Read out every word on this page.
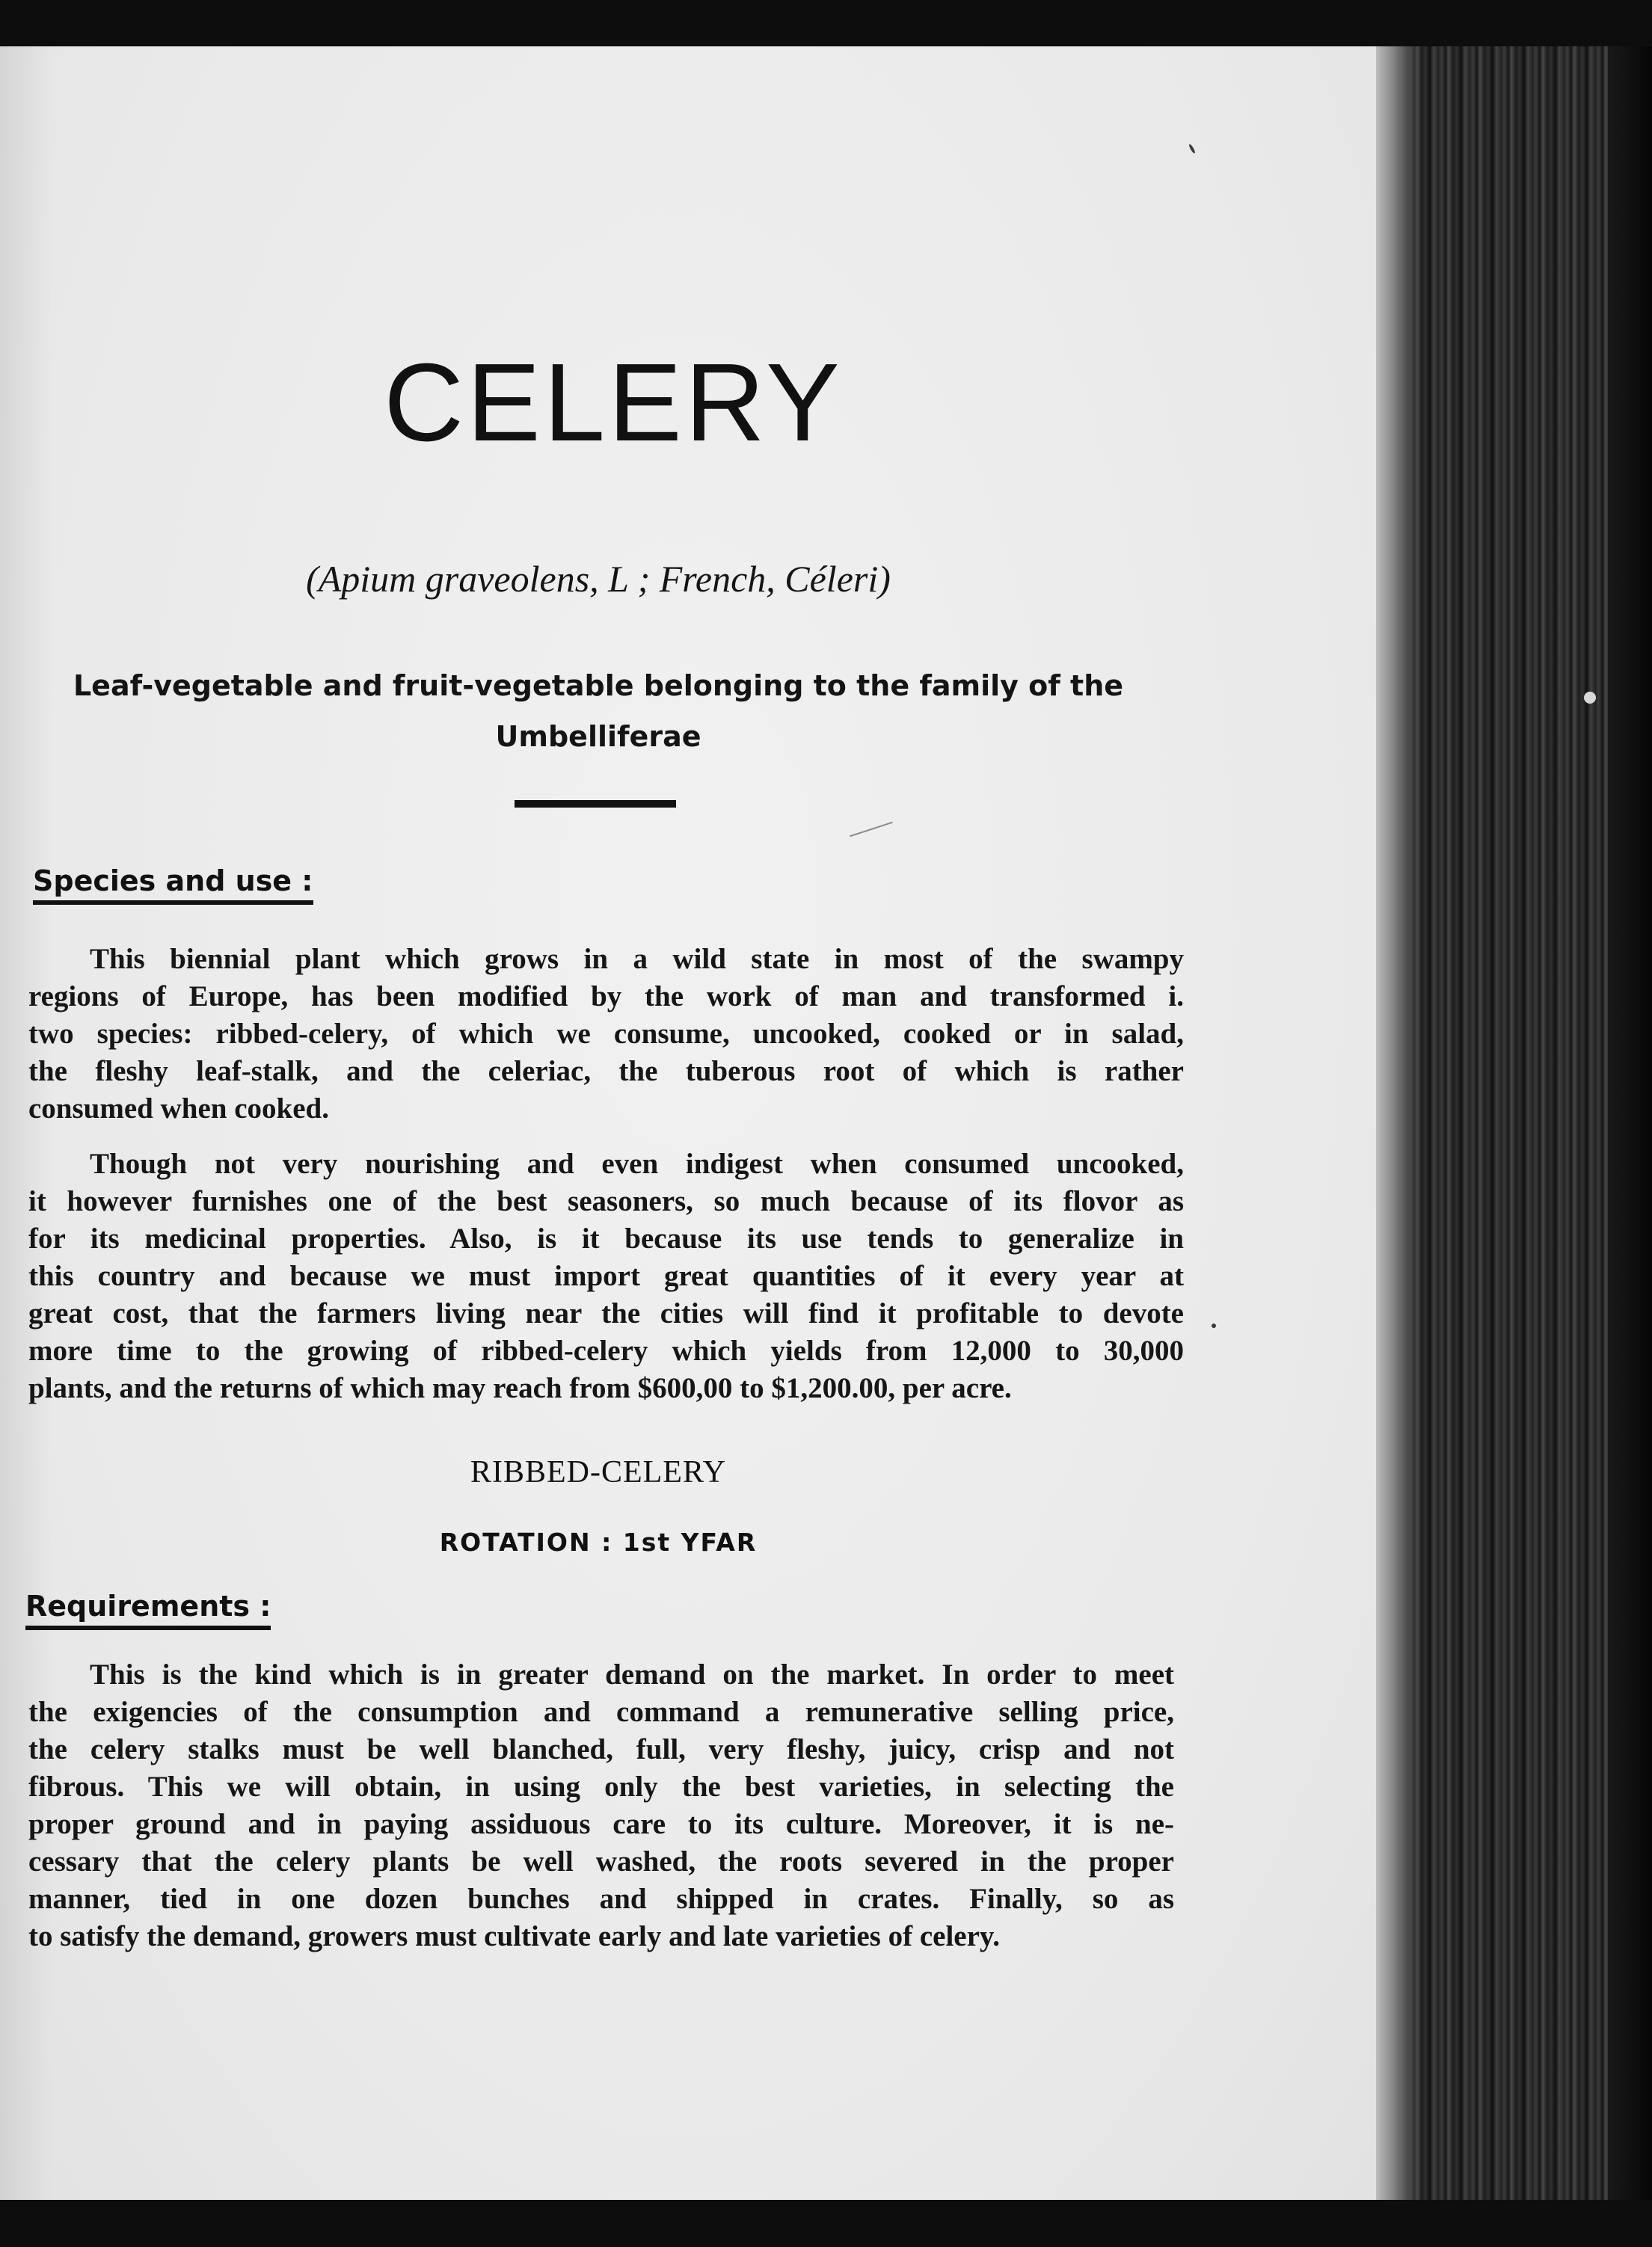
CELERY
(Apium graveolens, L ; French, Céleri)
Leaf-vegetable and fruit-vegetable belonging to the family of the
Umbelliferae
Species and use :
This biennial plant which grows in a wild state in most of the swampy
regions of Europe, has been modified by the work of man and transformed i.
two species: ribbed-celery, of which we consume, uncooked, cooked or in salad,
the fleshy leaf-stalk, and the celeriac, the tuberous root of which is rather
consumed when cooked.
Though not very nourishing and even indigest when consumed uncooked,
it however furnishes one of the best seasoners, so much because of its flovor as
for its medicinal properties. Also, is it because its use tends to generalize in
this country and because we must import great quantities of it every year at
great cost, that the farmers living near the cities will find it profitable to devote
more time to the growing of ribbed-celery which yields from 12,000 to 30,000
plants, and the returns of which may reach from $600,00 to $1,200.00, per acre.
RIBBED-CELERY
ROTATION : 1st YFAR
Requirements :
This is the kind which is in greater demand on the market. In order to meet
the exigencies of the consumption and command a remunerative selling price,
the celery stalks must be well blanched, full, very fleshy, juicy, crisp and not
fibrous. This we will obtain, in using only the best varieties, in selecting the
proper ground and in paying assiduous care to its culture. Moreover, it is ne-
cessary that the celery plants be well washed, the roots severed in the proper
manner, tied in one dozen bunches and shipped in crates. Finally, so as
to satisfy the demand, growers must cultivate early and late varieties of celery.
